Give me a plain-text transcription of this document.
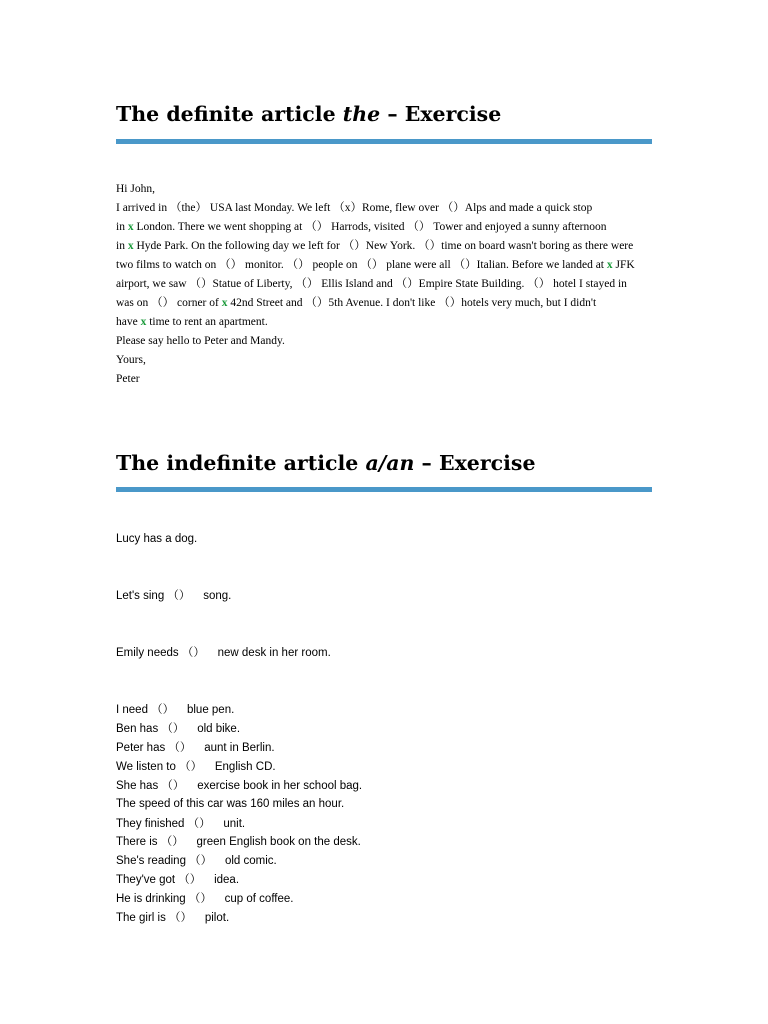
The definite article the – Exercise
Hi John,
I arrived in （the） USA last Monday. We left （x）Rome, flew over （）Alps and made a quick stop
in x London. There we went shopping at （） Harrods, visited （） Tower and enjoyed a sunny afternoon
in x Hyde Park. On the following day we left for （）New York. （）time on board wasn't boring as there were
two films to watch on （） monitor. （） people on （） plane were all （）Italian. Before we landed at x JFK
airport, we saw （）Statue of Liberty, （） Ellis Island and （）Empire State Building. （） hotel I stayed in
was on （） corner of x 42nd Street and （）5th Avenue. I don't like （）hotels very much, but I didn't
have x time to rent an apartment.
Please say hello to Peter and Mandy.
Yours,
Peter
The indefinite article a/an – Exercise
Lucy has a dog.
Let's sing （）    song.
Emily needs （）    new desk in her room.
I need （）    blue pen.
Ben has （）    old bike.
Peter has （）    aunt in Berlin.
We listen to （）    English CD.
She has （）    exercise book in her school bag.
The speed of this car was 160 miles an hour.
They finished （）    unit.
There is （）    green English book on the desk.
She's reading （）    old comic.
They've got （）    idea.
He is drinking （）    cup of coffee.
The girl is （）    pilot.
